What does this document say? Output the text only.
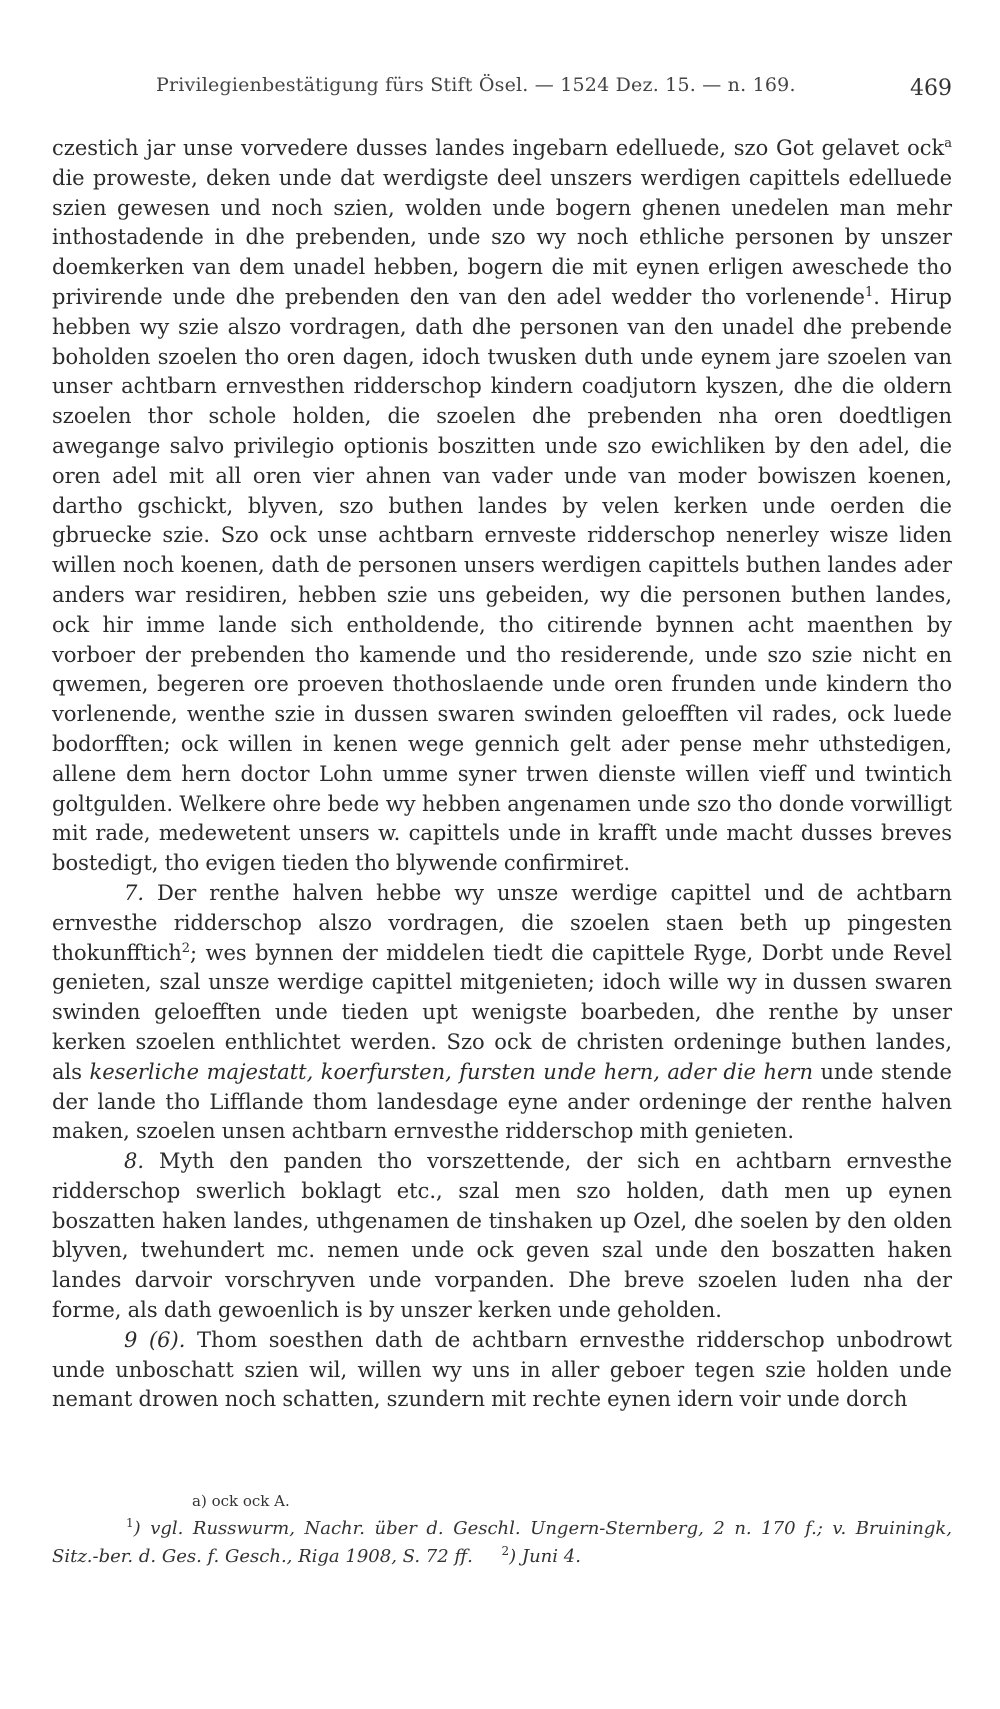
Privilegienbestätigung fürs Stift Ösel. — 1524 Dez. 15. — n. 169.	469

czestich jar unse vorvedere dusses landes ingebarn edelluede, szo Got gelavet ock$^a$ die proweste, deken unde dat werdigste deel unszers werdigen capittels edelluede szien gewesen und noch szien, wolden unde bogern ghenen unedelen man mehr inthostadende in dhe prebenden, unde szo wy noch ethliche personen by unszer doemkerken van dem unadel hebben, bogern die mit eynen erligen aweschede tho privirende unde dhe prebenden den van den adel wedder tho vorlenende$^1$. Hirup hebben wy szie alszo vordragen, dath dhe personen van den unadel dhe prebende boholden szoelen tho oren dagen, idoch twusken duth unde eynem jare szoelen van unser achtbarn ernvesthen ridderschop kindern coadjutorn kyszen, dhe die oldern szoelen thor schole holden, die szoelen dhe prebenden nha oren doedtligen awegange salvo privilegio optionis boszitten unde szo ewichliken by den adel, die oren adel mit all oren vier ahnen van vader unde van moder bowiszen koenen, dartho gschickt, blyven, szo buthen landes by velen kerken unde oerden die gbruecke szie. Szo ock unse achtbarn ernveste ridderschop nenerley wisze liden willen noch koenen, dath de personen unsers werdigen capittels buthen landes ader anders war residiren, hebben szie uns gebeiden, wy die personen buthen landes, ock hir imme lande sich entholdende, tho citirende bynnen acht maenthen by vorboer der prebenden tho kamende und tho residerende, unde szo szie nicht en qwemen, begeren ore proeven thothoslaende unde oren frunden unde kindern tho vorlenende, wenthe szie in dussen swaren swinden geloefften vil rades, ock luede bodorfften; ock willen in kenen wege gennich gelt ader pense mehr uthstedigen, allene dem hern doctor Lohn umme syner trwen dienste willen vieff und twintich goltgulden. Welkere ohre bede wy hebben angenamen unde szo tho donde vorwilligt mit rade, medewetent unsers w. capittels unde in krafft unde macht dusses breves bostedigt, tho evigen tieden tho blywende confirmiret.

7. Der renthe halven hebbe wy unsze werdige capittel und de achtbarn ernvesthe ridderschop alszo vordragen, die szoelen staen beth up pingesten thokunfftich$^2$; wes bynnen der middelen tiedt die capittele Ryge, Dorbt unde Revel genieten, szal unsze werdige capittel mitgenieten; idoch wille wy in dussen swaren swinden geloefften unde tieden upt wenigste boarbeden, dhe renthe by unser kerken szoelen enthlichtet werden. Szo ock de christen ordeninge buthen landes, als keserliche majestatt, koerfursten, fursten unde hern, ader die hern unde stende der lande tho Lifflande thom landesdage eyne ander ordeninge der renthe halven maken, szoelen unsen achtbarn ernvesthe ridderschop mith genieten.

8. Myth den panden tho vorszettende, der sich en achtbarn ernvesthe ridderschop swerlich boklagt etc., szal men szo holden, dath men up eynen boszatten haken landes, uthgenamen de tinshaken up Ozel, dhe soelen by den olden blyven, twehundert mc. nemen unde ock geven szal unde den boszatten haken landes darvoir vorschryven unde vorpanden. Dhe breve szoelen luden nha der forme, als dath gewoenlich is by unszer kerken unde geholden.

9 (6). Thom soesthen dath de achtbarn ernvesthe ridderschop unbodrowt unde unboschatt szien wil, willen wy uns in aller geboer tegen szie holden unde nemant drowen noch schatten, szundern mit rechte eynen idern voir unde dorch

a) ock ock A.
$^1$) vgl. Russwurm, Nachr. über d. Geschl. Ungern-Sternberg, 2 n. 170 f.; v. Bruiningk, Sitz.-ber. d. Ges. f. Gesch., Riga 1908, S. 72 ff. $^2$) Juni 4.
